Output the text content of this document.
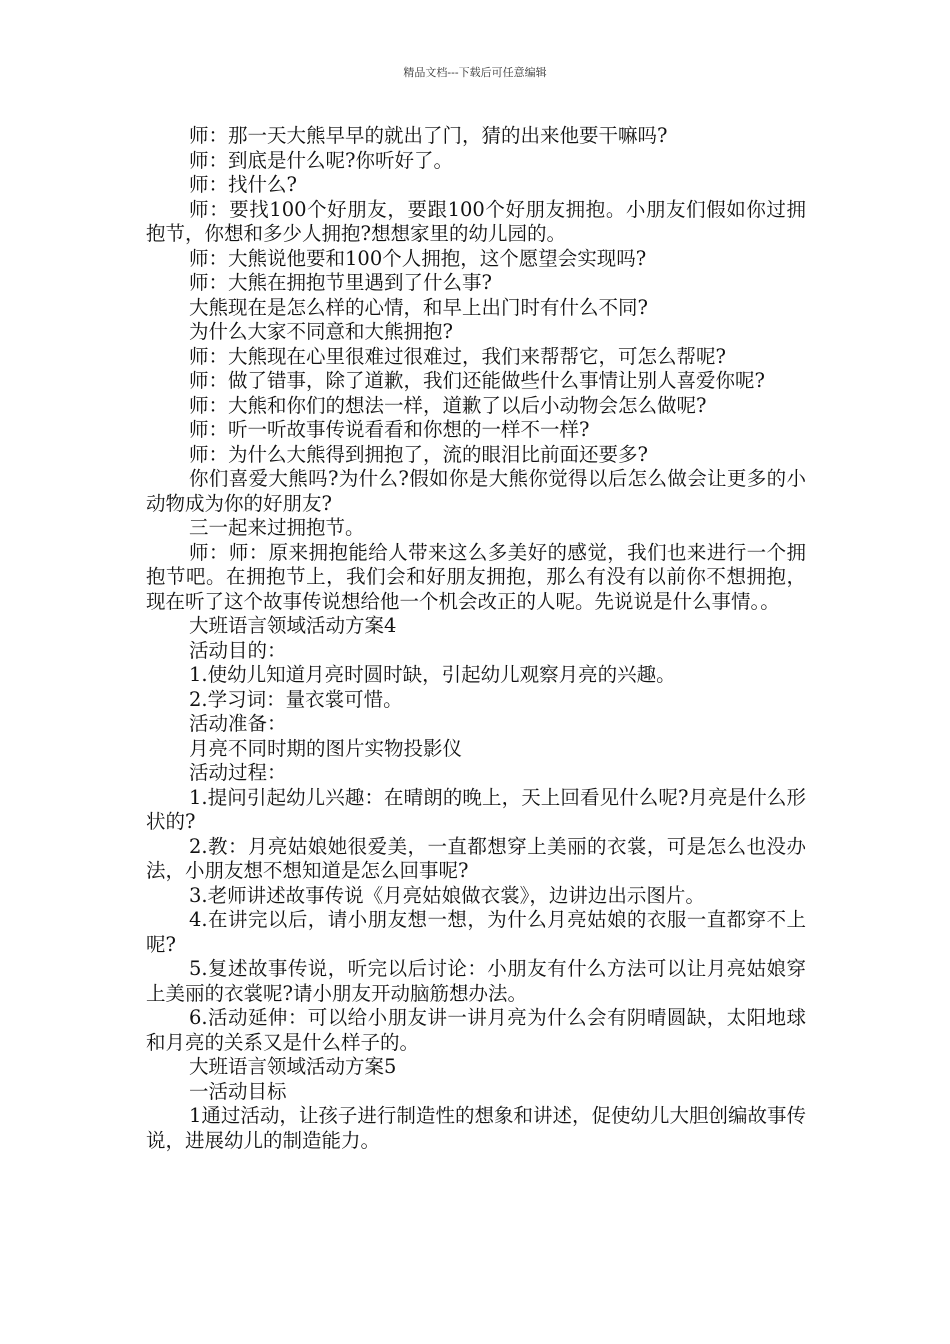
精品文档---下载后可任意编辑

师：那一天大熊早早的就出了门，猜的出来他要干嘛吗?

师：到底是什么呢?你听好了。

师：找什么?

师：要找100个好朋友，要跟100个好朋友拥抱。小朋友们假如你过拥抱节，你想和多少人拥抱?想想家里的幼儿园的。

师：大熊说他要和100个人拥抱，这个愿望会实现吗?

师：大熊在拥抱节里遇到了什么事?

大熊现在是怎么样的心情，和早上出门时有什么不同?

为什么大家不同意和大熊拥抱?

师：大熊现在心里很难过很难过，我们来帮帮它，可怎么帮呢?

师：做了错事，除了道歉，我们还能做些什么事情让别人喜爱你呢?

师：大熊和你们的想法一样，道歉了以后小动物会怎么做呢?

师：听一听故事传说看看和你想的一样不一样?

师：为什么大熊得到拥抱了，流的眼泪比前面还要多?

你们喜爱大熊吗?为什么?假如你是大熊你觉得以后怎么做会让更多的小动物成为你的好朋友?

三一起来过拥抱节。

师：师：原来拥抱能给人带来这么多美好的感觉，我们也来进行一个拥抱节吧。在拥抱节上，我们会和好朋友拥抱，那么有没有以前你不想拥抱，现在听了这个故事传说想给他一个机会改正的人呢。先说说是什么事情。。

大班语言领域活动方案4

活动目的：

1.使幼儿知道月亮时圆时缺，引起幼儿观察月亮的兴趣。

2.学习词：量衣裳可惜。

活动准备：

月亮不同时期的图片实物投影仪

活动过程：

1.提问引起幼儿兴趣：在晴朗的晚上，天上回看见什么呢?月亮是什么形状的?

2.教：月亮姑娘她很爱美，一直都想穿上美丽的衣裳，可是怎么也没办法，小朋友想不想知道是怎么回事呢?

3.老师讲述故事传说《月亮姑娘做衣裳》，边讲边出示图片。

4.在讲完以后，请小朋友想一想，为什么月亮姑娘的衣服一直都穿不上呢?

5.复述故事传说，听完以后讨论：小朋友有什么方法可以让月亮姑娘穿上美丽的衣裳呢?请小朋友开动脑筋想办法。

6.活动延伸：可以给小朋友讲一讲月亮为什么会有阴晴圆缺，太阳地球和月亮的关系又是什么样子的。

大班语言领域活动方案5

一活动目标

1通过活动，让孩子进行制造性的想象和讲述，促使幼儿大胆创编故事传说，进展幼儿的制造能力。
